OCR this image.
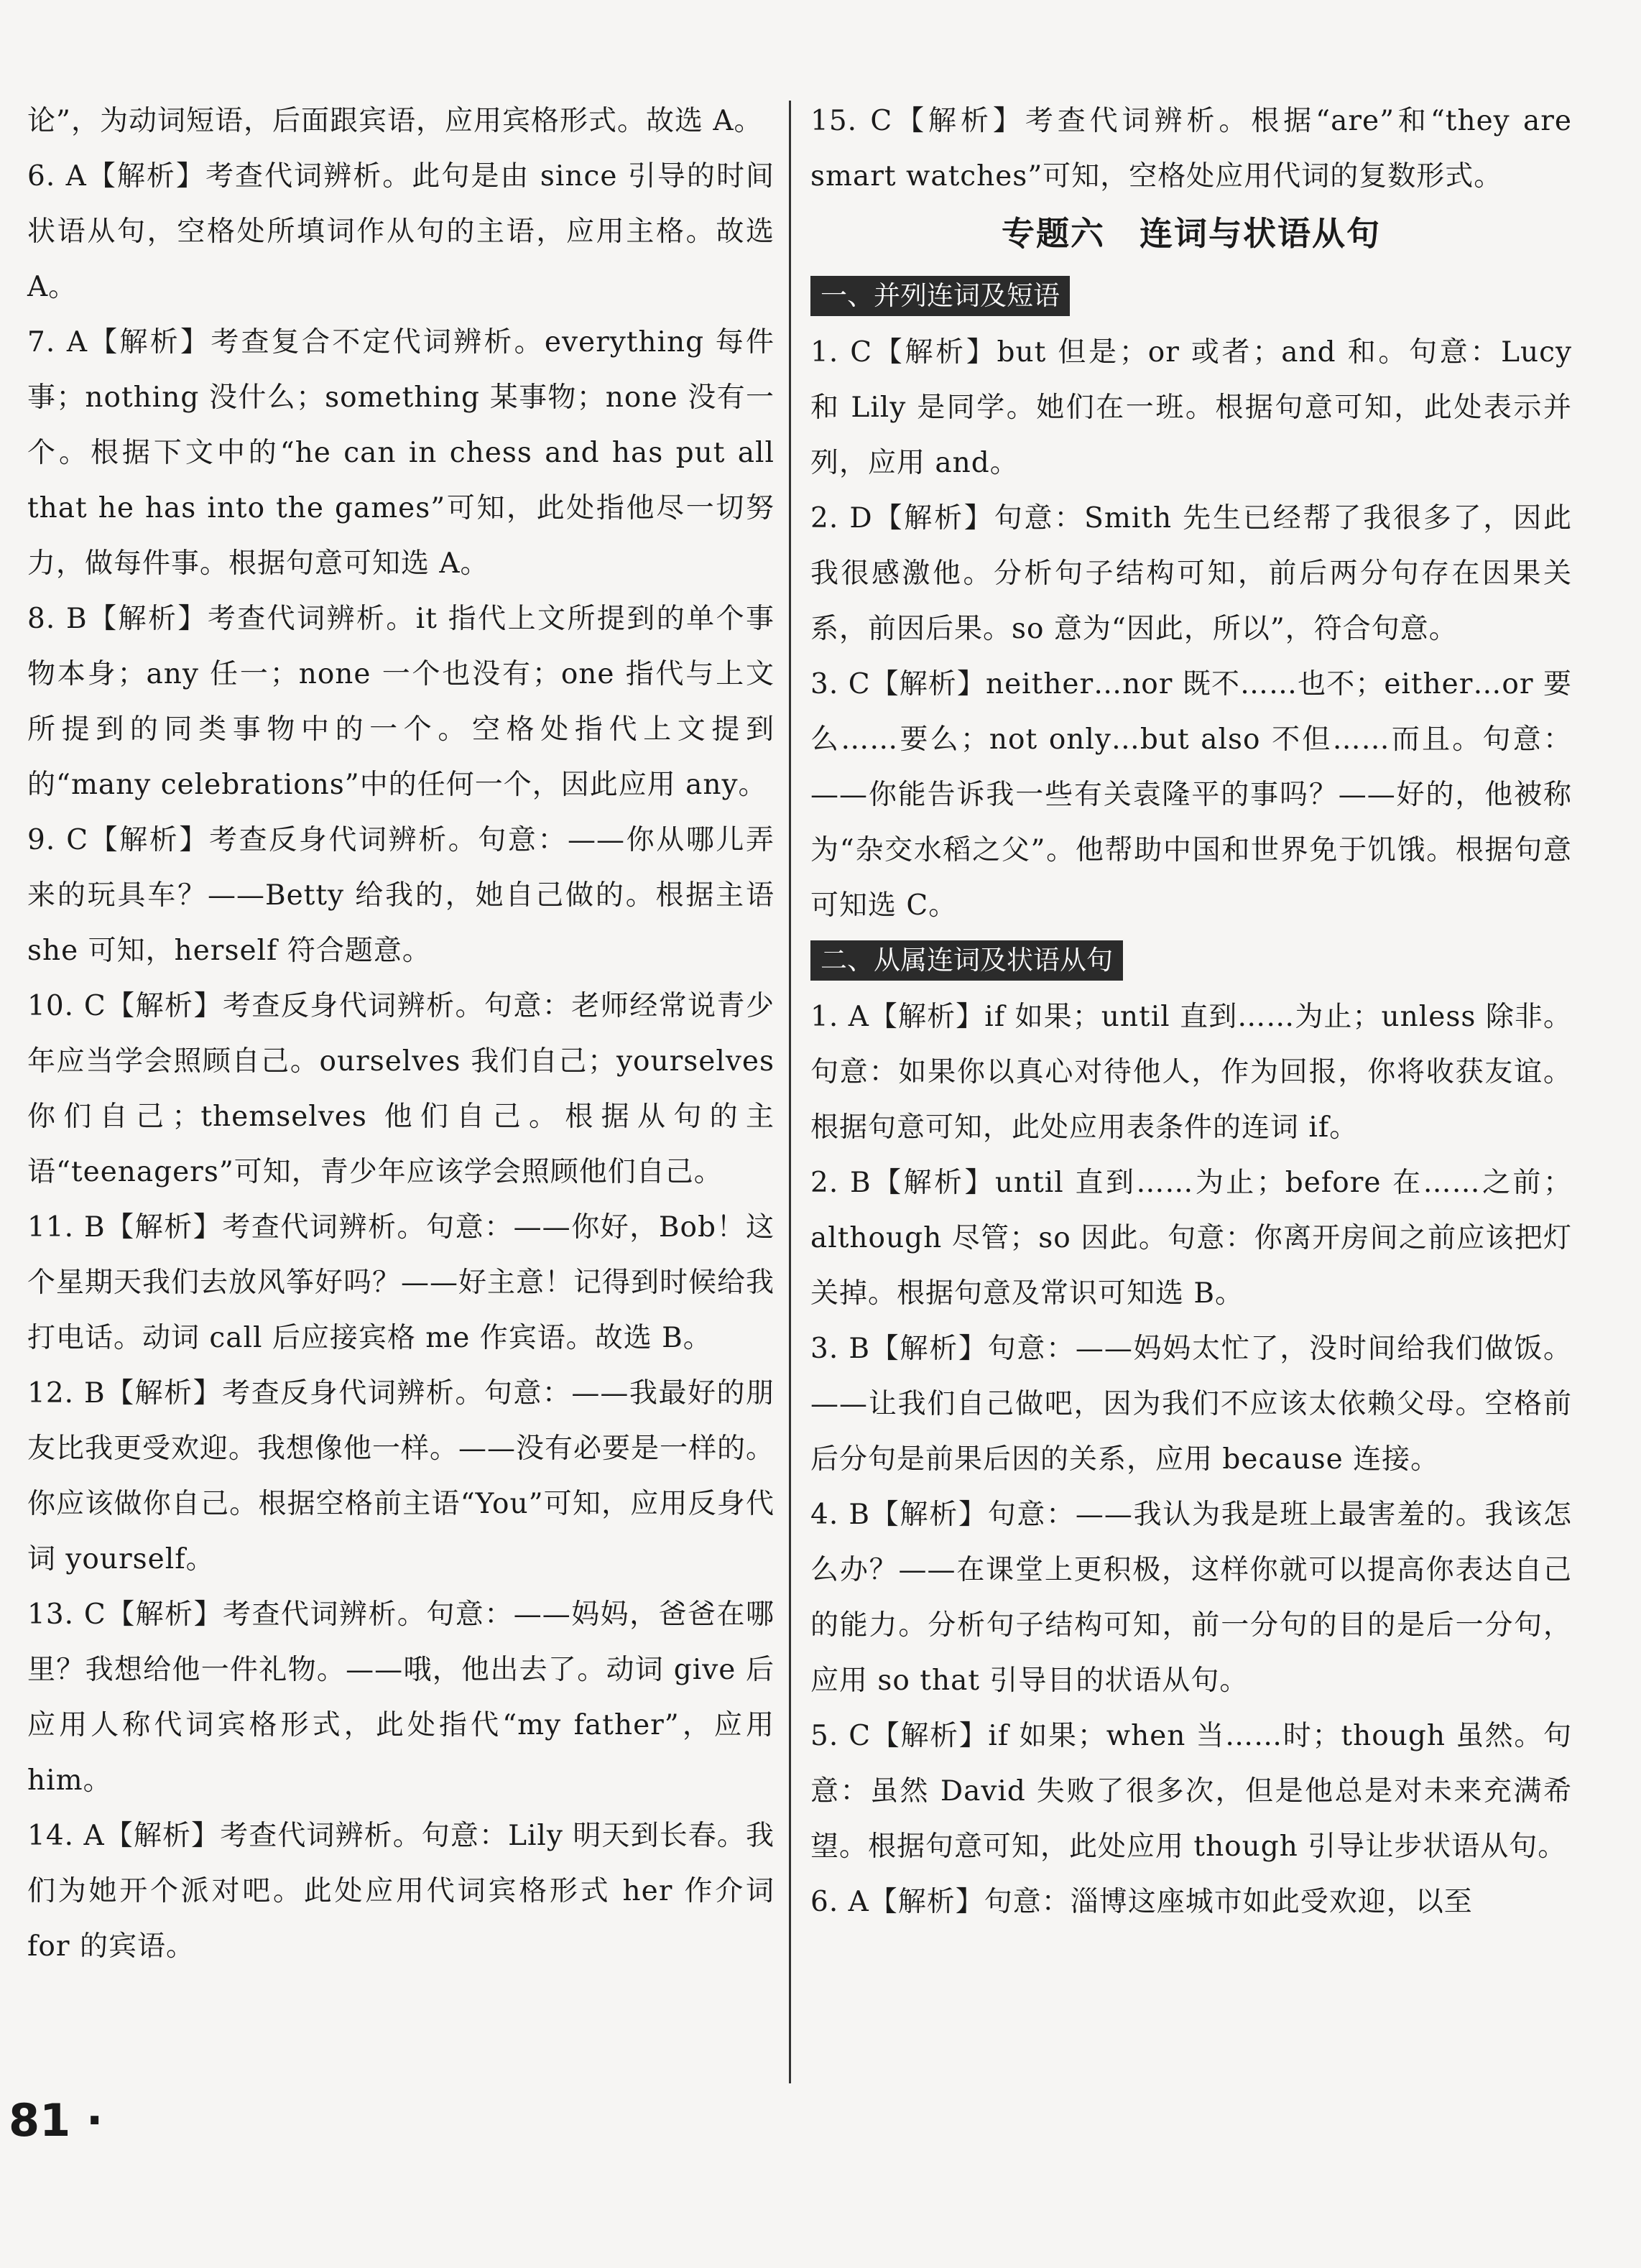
论”，为动词短语，后面跟宾语，应用宾格形式。故选 A。

6. A【解析】考查代词辨析。此句是由 since 引导的时间状语从句，空格处所填词作从句的主语，应用主格。故选 A。

7. A【解析】考查复合不定代词辨析。everything 每件事；nothing 没什么；something 某事物；none 没有一个。根据下文中的“he can in chess and has put all that he has into the games”可知，此处指他尽一切努力，做每件事。根据句意可知选 A。

8. B【解析】考查代词辨析。it 指代上文所提到的单个事物本身；any 任一；none 一个也没有；one 指代与上文所提到的同类事物中的一个。空格处指代上文提到的“many celebrations”中的任何一个，因此应用 any。

9. C【解析】考查反身代词辨析。句意：——你从哪儿弄来的玩具车？——Betty 给我的，她自己做的。根据主语 she 可知，herself 符合题意。

10. C【解析】考查反身代词辨析。句意：老师经常说青少年应当学会照顾自己。ourselves 我们自己；yourselves 你们自己；themselves 他们自己。根据从句的主语“teenagers”可知，青少年应该学会照顾他们自己。

11. B【解析】考查代词辨析。句意：——你好，Bob！这个星期天我们去放风筝好吗？——好主意！记得到时候给我打电话。动词 call 后应接宾格 me 作宾语。故选 B。

12. B【解析】考查反身代词辨析。句意：——我最好的朋友比我更受欢迎。我想像他一样。——没有必要是一样的。你应该做你自己。根据空格前主语“You”可知，应用反身代词 yourself。

13. C【解析】考查代词辨析。句意：——妈妈，爸爸在哪里？我想给他一件礼物。——哦，他出去了。动词 give 后应用人称代词宾格形式，此处指代“my father”，应用 him。

14. A【解析】考查代词辨析。句意：Lily 明天到长春。我们为她开个派对吧。此处应用代词宾格形式 her 作介词 for 的宾语。

15. C【解析】考查代词辨析。根据“are”和“they are smart watches”可知，空格处应用代词的复数形式。

专题六　连词与状语从句
一、并列连词及短语

1. C【解析】but 但是；or 或者；and 和。句意：Lucy 和 Lily 是同学。她们在一班。根据句意可知，此处表示并列，应用 and。

2. D【解析】句意：Smith 先生已经帮了我很多了，因此我很感激他。分析句子结构可知，前后两分句存在因果关系，前因后果。so 意为“因此，所以”，符合句意。

3. C【解析】neither…nor 既不……也不；either…or 要么……要么；not only…but also 不但……而且。句意：——你能告诉我一些有关袁隆平的事吗？——好的，他被称为“杂交水稻之父”。他帮助中国和世界免于饥饿。根据句意可知选 C。

二、从属连词及状语从句

1. A【解析】if 如果；until 直到……为止；unless 除非。句意：如果你以真心对待他人，作为回报，你将收获友谊。根据句意可知，此处应用表条件的连词 if。

2. B【解析】until 直到……为止；before 在……之前；although 尽管；so 因此。句意：你离开房间之前应该把灯关掉。根据句意及常识可知选 B。

3. B【解析】句意：——妈妈太忙了，没时间给我们做饭。——让我们自己做吧，因为我们不应该太依赖父母。空格前后分句是前果后因的关系，应用 because 连接。

4. B【解析】句意：——我认为我是班上最害羞的。我该怎么办？——在课堂上更积极，这样你就可以提高你表达自己的能力。分析句子结构可知，前一分句的目的是后一分句，应用 so that 引导目的状语从句。

5. C【解析】if 如果；when 当……时；though 虽然。句意：虽然 David 失败了很多次，但是他总是对未来充满希望。根据句意可知，此处应用 though 引导让步状语从句。

6. A【解析】句意：淄博这座城市如此受欢迎，以至

81 ·
